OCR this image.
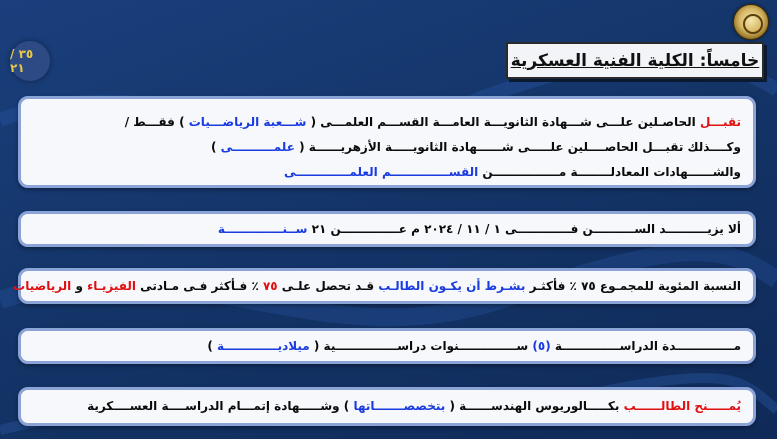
٣٥ / ٢١	خامساً: الكلية الفنية العسكرية
تقبـــل الحاصـلين علـــى شـــهادة الثانويـــة العامـــة القســـم العلمـــى ( شـــعبة الرياضـــيات ) فقـــط /
وكــــذلك تقبـــل الحاصــــلين علـــــى شــــــهادة الثانويـــــة الأزهريــــــة ( علمــــــــــى )
والشــــــهادات المعادلــــــــة مــــــــــــــــن القســــــــــــــم العلمـــــــــــــى
ألا يزيــــــــــد الســــــــــن فـــــــــــــى ١ / ١١ / ٢٠٢٤ م عــــــــــــــن ٢١ ســنــــــــــــــة
النسبة المئوية للمجمـوع ٧٥ ٪ فأكثـر بشـرط أن يكـون الطالـب قـد تحصل علـى ٧٥ ٪ فـأكثر فـى مـادتى الفيزيـاء و الرياضيات
مــــــــــــــدة الدراســــــــــــــة (٥) ســــــــــــــنوات دراســـــــــــــــية ( ميلاديـــــــــــــة )
يُمـــــنح الطالــــــب بكـــــالوريوس الهندســــــة ( بتخصصـــــــاتها ) وشـــــهادة إتمـــام الدراســــة العســــكرية
